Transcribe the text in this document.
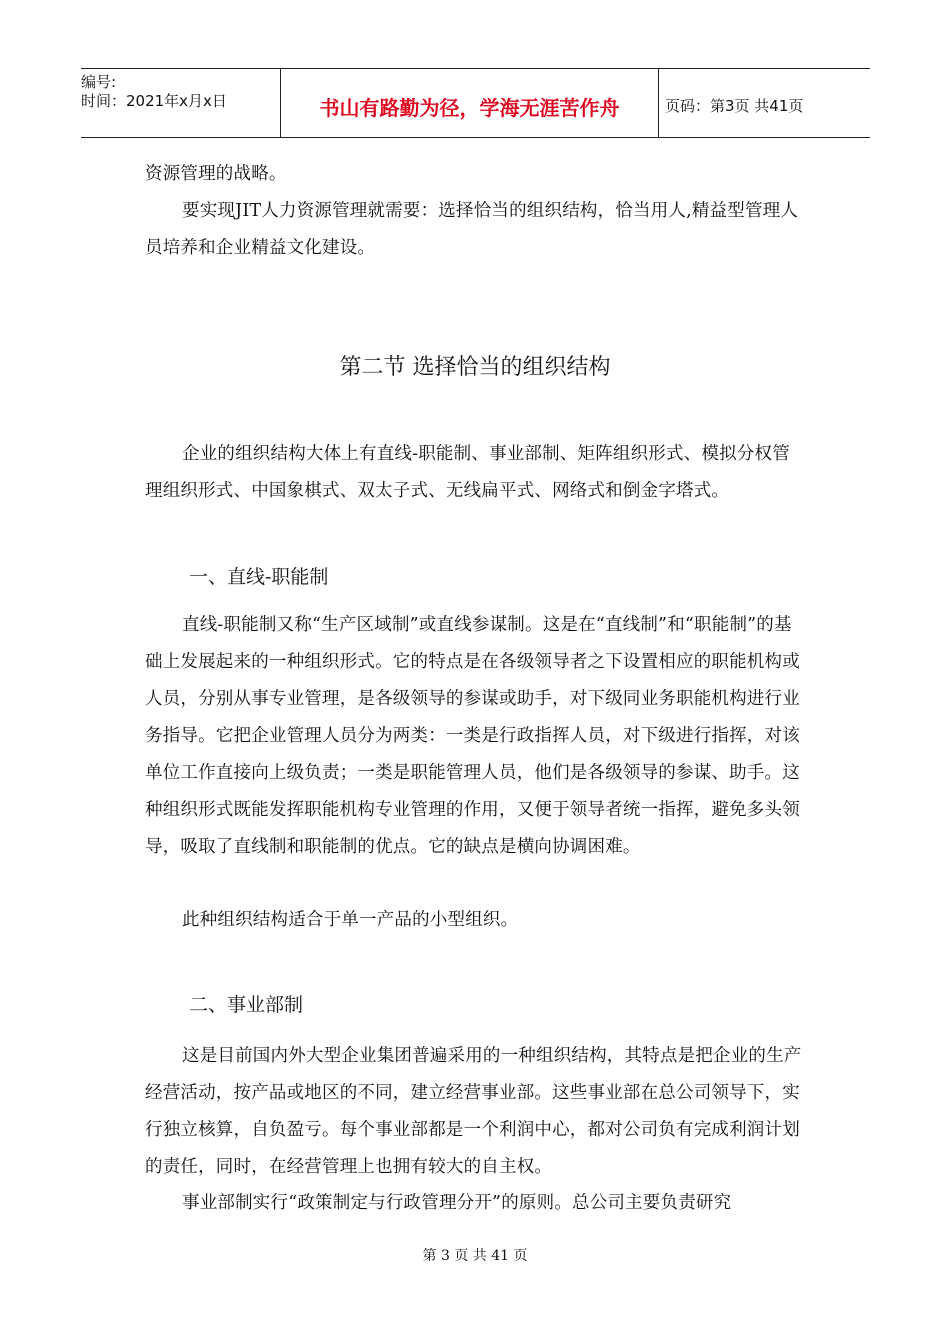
编号:
时间：2021年x月x日	书山有路勤为径，学海无涯苦作舟	页码：第3页 共41页

资源管理的战略。

要实现JIT人力资源管理就需要：选择恰当的组织结构，恰当用人,精益型管理人员培养和企业精益文化建设。

第二节 选择恰当的组织结构

企业的组织结构大体上有直线-职能制、事业部制、矩阵组织形式、模拟分权管理组织形式、中国象棋式、双太子式、无线扁平式、网络式和倒金字塔式。

一、直线-职能制

直线-职能制又称“生产区域制”或直线参谋制。这是在“直线制”和“职能制”的基础上发展起来的一种组织形式。它的特点是在各级领导者之下设置相应的职能机构或人员，分别从事专业管理，是各级领导的参谋或助手，对下级同业务职能机构进行业务指导。它把企业管理人员分为两类：一类是行政指挥人员，对下级进行指挥，对该单位工作直接向上级负责；一类是职能管理人员，他们是各级领导的参谋、助手。这种组织形式既能发挥职能机构专业管理的作用，又便于领导者统一指挥，避免多头领导，吸取了直线制和职能制的优点。它的缺点是横向协调困难。

此种组织结构适合于单一产品的小型组织。

二、事业部制

这是目前国内外大型企业集团普遍采用的一种组织结构，其特点是把企业的生产经营活动，按产品或地区的不同，建立经营事业部。这些事业部在总公司领导下，实行独立核算，自负盈亏。每个事业部都是一个利润中心，都对公司负有完成利润计划的责任，同时，在经营管理上也拥有较大的自主权。

事业部制实行“政策制定与行政管理分开”的原则。总公司主要负责研究

第 3 页 共 41 页
